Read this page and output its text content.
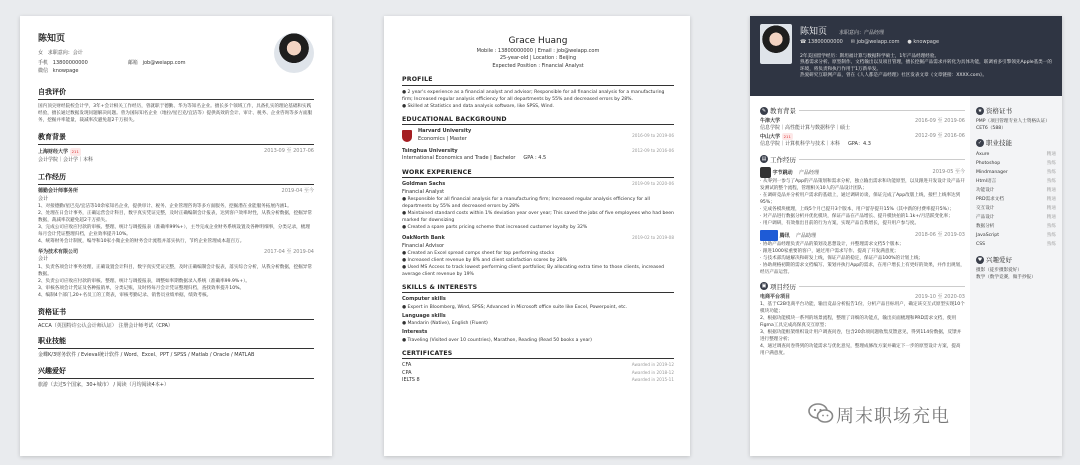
陈知页
女 求职意向：会计
手机 13800000000	邮箱 job@weiapp.com
微信 knowpage
自我评价
国内顶尖财经院校会计学，3年+会计相关工作经历，曾就职于德勤、华为等知名企业。擅长多个领域工作，具备扎实的理论基础和实践经验，擅长通过数据发现问题解决问题。曾为国际知名企业（地拉/星巴克/宜洁等）提供高效的会计、审计、税务、企业咨询等多方面服务，挖掘并率能量，裁减率次避免超2千万损失。
教育背景
上海财经大学 211	2013-09 至 2017-06
会计学院｜会计学｜本科
工作经历
德勤会计师事务所	2019-04 至今
会计
1、对接德勤/星巴克/宜洁等10余家知名企业，提供审计、税务、企业管理咨询等多方面服务，挖掘潜在业能服务拓展内涵1。
2、处理在日会计事务，正确运营会计科目，数字真实凭证完整，及时正确编制会计报表，达到客户效率时性，从我分析数据，挖掘异常数据，裁减率次避免超2千万损失。
3、完成公司应收应付款的审核、整理、统计与调拨报表（准确率99%+），主导完成企业财务系统设置及各种明细事，分类记录，梳理每月会计凭证整理归档，企业效率提升10%。
4、统筹财务会计制度，编导和10家小微企业的财务会计流程并落实执行，节约企业管理成本超百万。
华为技术有限公司	2017-04 至 2019-04
会计
1、负责各项会计事务处理，正确设置会计科目，数字真实凭证完整，及时正确编制会计报表，落实综合分析，从我分析数据，挖掘异常数据。
2、负责公司应收应付款的审核、整理、统计与调拨报表，调整如率期数据录入系统（准确率99.9%+）。
3、审核各项会计凭证及各种报销单，分类记账，及时将每月会计凭证整理归档，查找效率提升10%。
4、编制4个部门,20+名员工的工资表，审核考勤记录、销售员业绩单据，绩效考核。
资格证书
ACCA（英国特许公认会计师认证） 注册会计师考试（CPA）
职业技能
金蝶K/3财务软件 / Evieval统计软件 / Word、Excel、PPT / SPSS / Matlab / Oracle / MATLAB
兴趣爱好
旅游（去过5个国家，30+城市） / 阅读（月均阅读4本+）
Grace Huang
Mobile : 13800000000 | Email : job@weiapp.com
25-year-old | Location : Beijing
Expected Position : Financial Analyst
PROFILE
● 2 year's experience as a financial analyst and advisor; Responsible for all financial analysis for a manufacturing firm; Increased regular analysis efficiency for all departments by 55% and decreased errors by 28%.
● Skilled at Statistics and data analysis software, like SPSS, Wind.
EDUCATIONAL BACKGROUND
Harvard University
Economics | Master	2016-09 to 2019-06
Tsinghua University	2012-09 to 2016-06
International Economics and Trade | Bachelor GPA : 4.5
WORK EXPERIENCE
Goldman Sachs	2019-09 to 2020-06
Financial Analyst
● Responsible for all financial analysis for a manufacturing firm; Increased regular analysis efficiency for all departments by 55% and decreased errors by 28%
● Maintained standard costs within 1% deviation year over year; This saved the jobs of five employees who had been marked for downsizing
● Created a spare parts pricing scheme that increased customer loyalty by 32%
OakNorth Bank	2019-02 to 2019-08
Financial Advisor
● Created an Excel spread comps sheet for top performing stocks
● Increased client revenue by 8% and client satisfaction scores by 28%
● Used MS Access to track lowest performing client portfolios; By allocating extra time to those clients, increased average client revenue by 19%
SKILLS & INTERESTS
Computer skills
● Expert in Bloomberg, Wind, SPSS; Advanced in Microsoft office suite like Excel, Powerpoint, etc.
Language skills
● Mandarin (Native), English (Fluent)
Interests
● Traveling (Visited over 10 countries), Marathon, Reading (Read 50 books a year)
CERTIFICATES
CFA	Awarded in 2019-12
CPA	Awarded in 2018-12
IELTS 8	Awarded in 2015-11
陈知页 求职意向：产品经理
☎ 13800000000 ✉ job@weiapp.com ● knowpage
2年美国留学经历：斯坦福计算与数据科学硕士，1年产品经理经验。
熟悉需求分析、原型制作、文档输出以及项目管理，擅长挖掘产品需求并转化为具体功能，联调看多引擎领先Apple基类一的环境，将负责和执行作用于1万新举发。
热爱研究互联网产品，曾在《人人都是产品经理》社区发表文章《文章链接：XXXX.com》。
✎ 教育背景
牛津大学	2016-09 至 2019-06
信息学院｜高性能计算与数据科学｜硕士
中山大学 211	2012-09 至 2016-06
信息学院｜计算机科学与技术｜本科 GPA：4.3
▤ 工作经历
字节跳动 产品经理	2019-05 至今
· 从零到一参与了App的产品策划和需求分析，独立输出需求和功能原型，以及跟进开发设计及产品开发测试的整个流程，管理相关10人的产品设计团队；
· 在调研竞品并分析用户需求的基础上，通过调研访谈，保证完成了App改版上线，接栏上线率达到95%；
· 完成各模块梳理，上线5个月已提升3个版本，用户留存提升15%（其中新的付费率提升5%）；
· 对产品进行数据分析并优化模块，保证产品在产品增长、提升模快拍的1.1k+/月活跃变化率；
· 用户调研，有效推出目前的行为方案，实现产品自我增长，提升用户参与度。
腾讯 产品助理	2018-06 至 2019-03
· 协助产品经理负责产品的策划及思想设计，并整理需求文档5个版本；
· 跟进1000家重要的客户，通过用户需求写作、提高了开发满意度；
· 与技术部沟通解决和研发上线，保证产品的稳定，保证产品100%的计划上线；
· 协助规格初期的需求文档编写、策划并执行App的需求，在用户增长上有更好的效果，并作出规划，经历产品运营。
▣ 项目经历
电商平台项目	2019-10 至 2020-03
1、基于C2B电商平台功能，输出竞品分析报告1份，分析产品目标用户，确定该交互式原型实现10个模块功能；
2、根据功能模块一系列的场景流程，整理了详细的功能点，输出页面梳理和PRD需求文档，使用Figma工具完成高保真交互原型；
3、根据功能框架组织设计用户调查问卷，包含20余项问题收集反馈意见，得到114份数据，反馈并进行整理分析；
4、通过调查问卷得到的功能需求与优化意见，整理成修改方案并确定下一步的原型设计方案，提高用户满意度。
★ 资格证书
PMP（项目管理专业人士资格认证）
CET6（588）
✓ 职业技能
Axure	精通
Photoshop	熟练
Mindmanager	熟练
Html语言	熟练
功能设计	精通
PRD需求文档	精通
交互设计	精通
产品设计	精通
数据分析	熟练
JavaScript	熟练
CSS	熟练
♥ 兴趣爱好
摄影（徒步摄影爱好）
数学（数学竞赛，做手抄报）
周末职场充电
